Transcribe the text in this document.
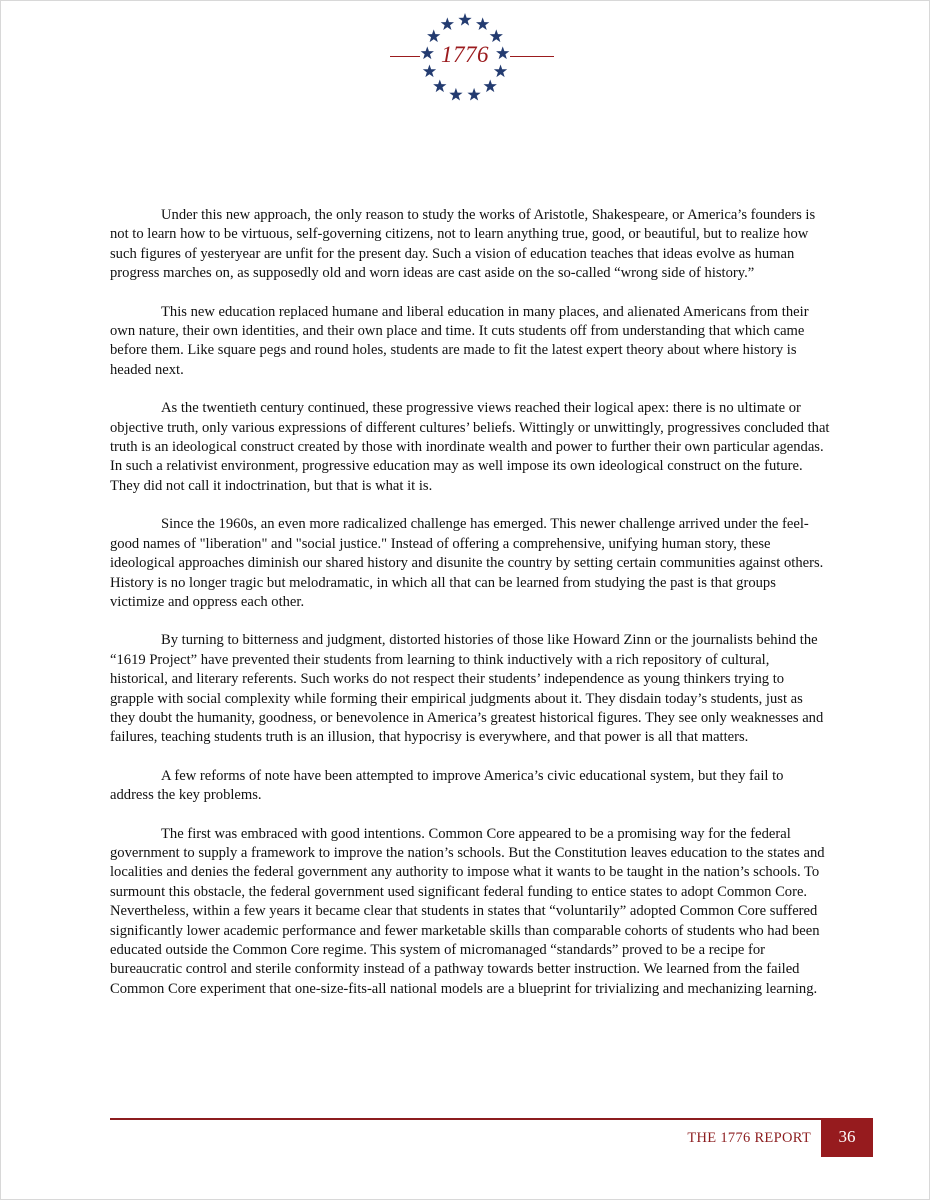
1776

Under this new approach, the only reason to study the works of Aristotle, Shakespeare, or America’s founders is not to learn how to be virtuous, self-governing citizens, not to learn anything true, good, or beautiful, but to realize how such figures of yesteryear are unfit for the present day. Such a vision of education teaches that ideas evolve as human progress marches on, as supposedly old and worn ideas are cast aside on the so-called “wrong side of history.”

This new education replaced humane and liberal education in many places, and alienated Americans from their own nature, their own identities, and their own place and time. It cuts students off from understanding that which came before them. Like square pegs and round holes, students are made to fit the latest expert theory about where history is headed next.

As the twentieth century continued, these progressive views reached their logical apex: there is no ultimate or objective truth, only various expressions of different cultures’ beliefs. Wittingly or unwittingly, progressives concluded that truth is an ideological construct created by those with inordinate wealth and power to further their own particular agendas. In such a relativist environment, progressive education may as well impose its own ideological construct on the future. They did not call it indoctrination, but that is what it is.

Since the 1960s, an even more radicalized challenge has emerged. This newer challenge arrived under the feel-good names of "liberation" and "social justice." Instead of offering a comprehensive, unifying human story, these ideological approaches diminish our shared history and disunite the country by setting certain communities against others. History is no longer tragic but melodramatic, in which all that can be learned from studying the past is that groups victimize and oppress each other.

By turning to bitterness and judgment, distorted histories of those like Howard Zinn or the journalists behind the “1619 Project” have prevented their students from learning to think inductively with a rich repository of cultural, historical, and literary referents. Such works do not respect their students’ independence as young thinkers trying to grapple with social complexity while forming their empirical judgments about it. They disdain today’s students, just as they doubt the humanity, goodness, or benevolence in America’s greatest historical figures. They see only weaknesses and failures, teaching students truth is an illusion, that hypocrisy is everywhere, and that power is all that matters.

A few reforms of note have been attempted to improve America’s civic educational system, but they fail to address the key problems.

The first was embraced with good intentions. Common Core appeared to be a promising way for the federal government to supply a framework to improve the nation’s schools. But the Constitution leaves education to the states and localities and denies the federal government any authority to impose what it wants to be taught in the nation’s schools. To surmount this obstacle, the federal government used significant federal funding to entice states to adopt Common Core. Nevertheless, within a few years it became clear that students in states that “voluntarily” adopted Common Core suffered significantly lower academic performance and fewer marketable skills than comparable cohorts of students who had been educated outside the Common Core regime. This system of micromanaged “standards” proved to be a recipe for bureaucratic control and sterile conformity instead of a pathway towards better instruction. We learned from the failed Common Core experiment that one-size-fits-all national models are a blueprint for trivializing and mechanizing learning.

THE 1776 REPORT	36
